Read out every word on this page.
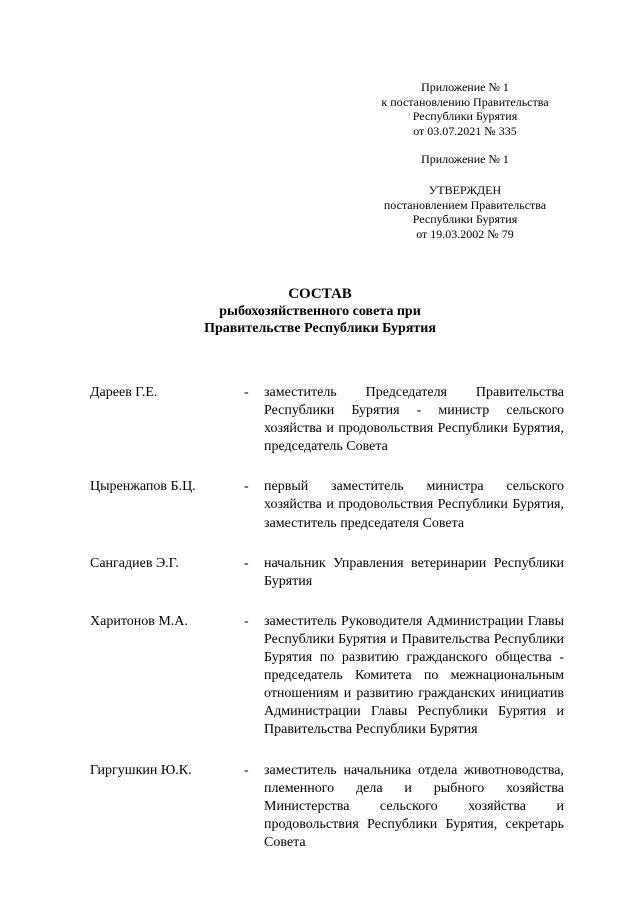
Приложение № 1
к постановлению Правительства
Республики Бурятия
от 03.07.2021 № 335
Приложение № 1
УТВЕРЖДЕН
постановлением Правительства
Республики Бурятия
от 19.03.2002 № 79
СОСТАВ
рыбохозяйственного совета при
Правительстве Республики Бурятия
Дареев Г.Е.	- заместитель Председателя Правительства Республики Бурятия - министр сельского хозяйства и продовольствия Республики Бурятия, председатель Совета
Цыренжапов Б.Ц.	- первый заместитель министра сельского хозяйства и продовольствия Республики Бурятия, заместитель председателя Совета
Сангадиев Э.Г.	- начальник Управления ветеринарии Республики Бурятия
Харитонов М.А.	- заместитель Руководителя Администрации Главы Республики Бурятия и Правительства Республики Бурятия по развитию гражданского общества - председатель Комитета по межнациональным отношениям и развитию гражданских инициатив Администрации Главы Республики Бурятия и Правительства Республики Бурятия
Гиргушкин Ю.К.	- заместитель начальника отдела животноводства, племенного дела и рыбного хозяйства Министерства сельского хозяйства и продовольствия Республики Бурятия, секретарь Совета
